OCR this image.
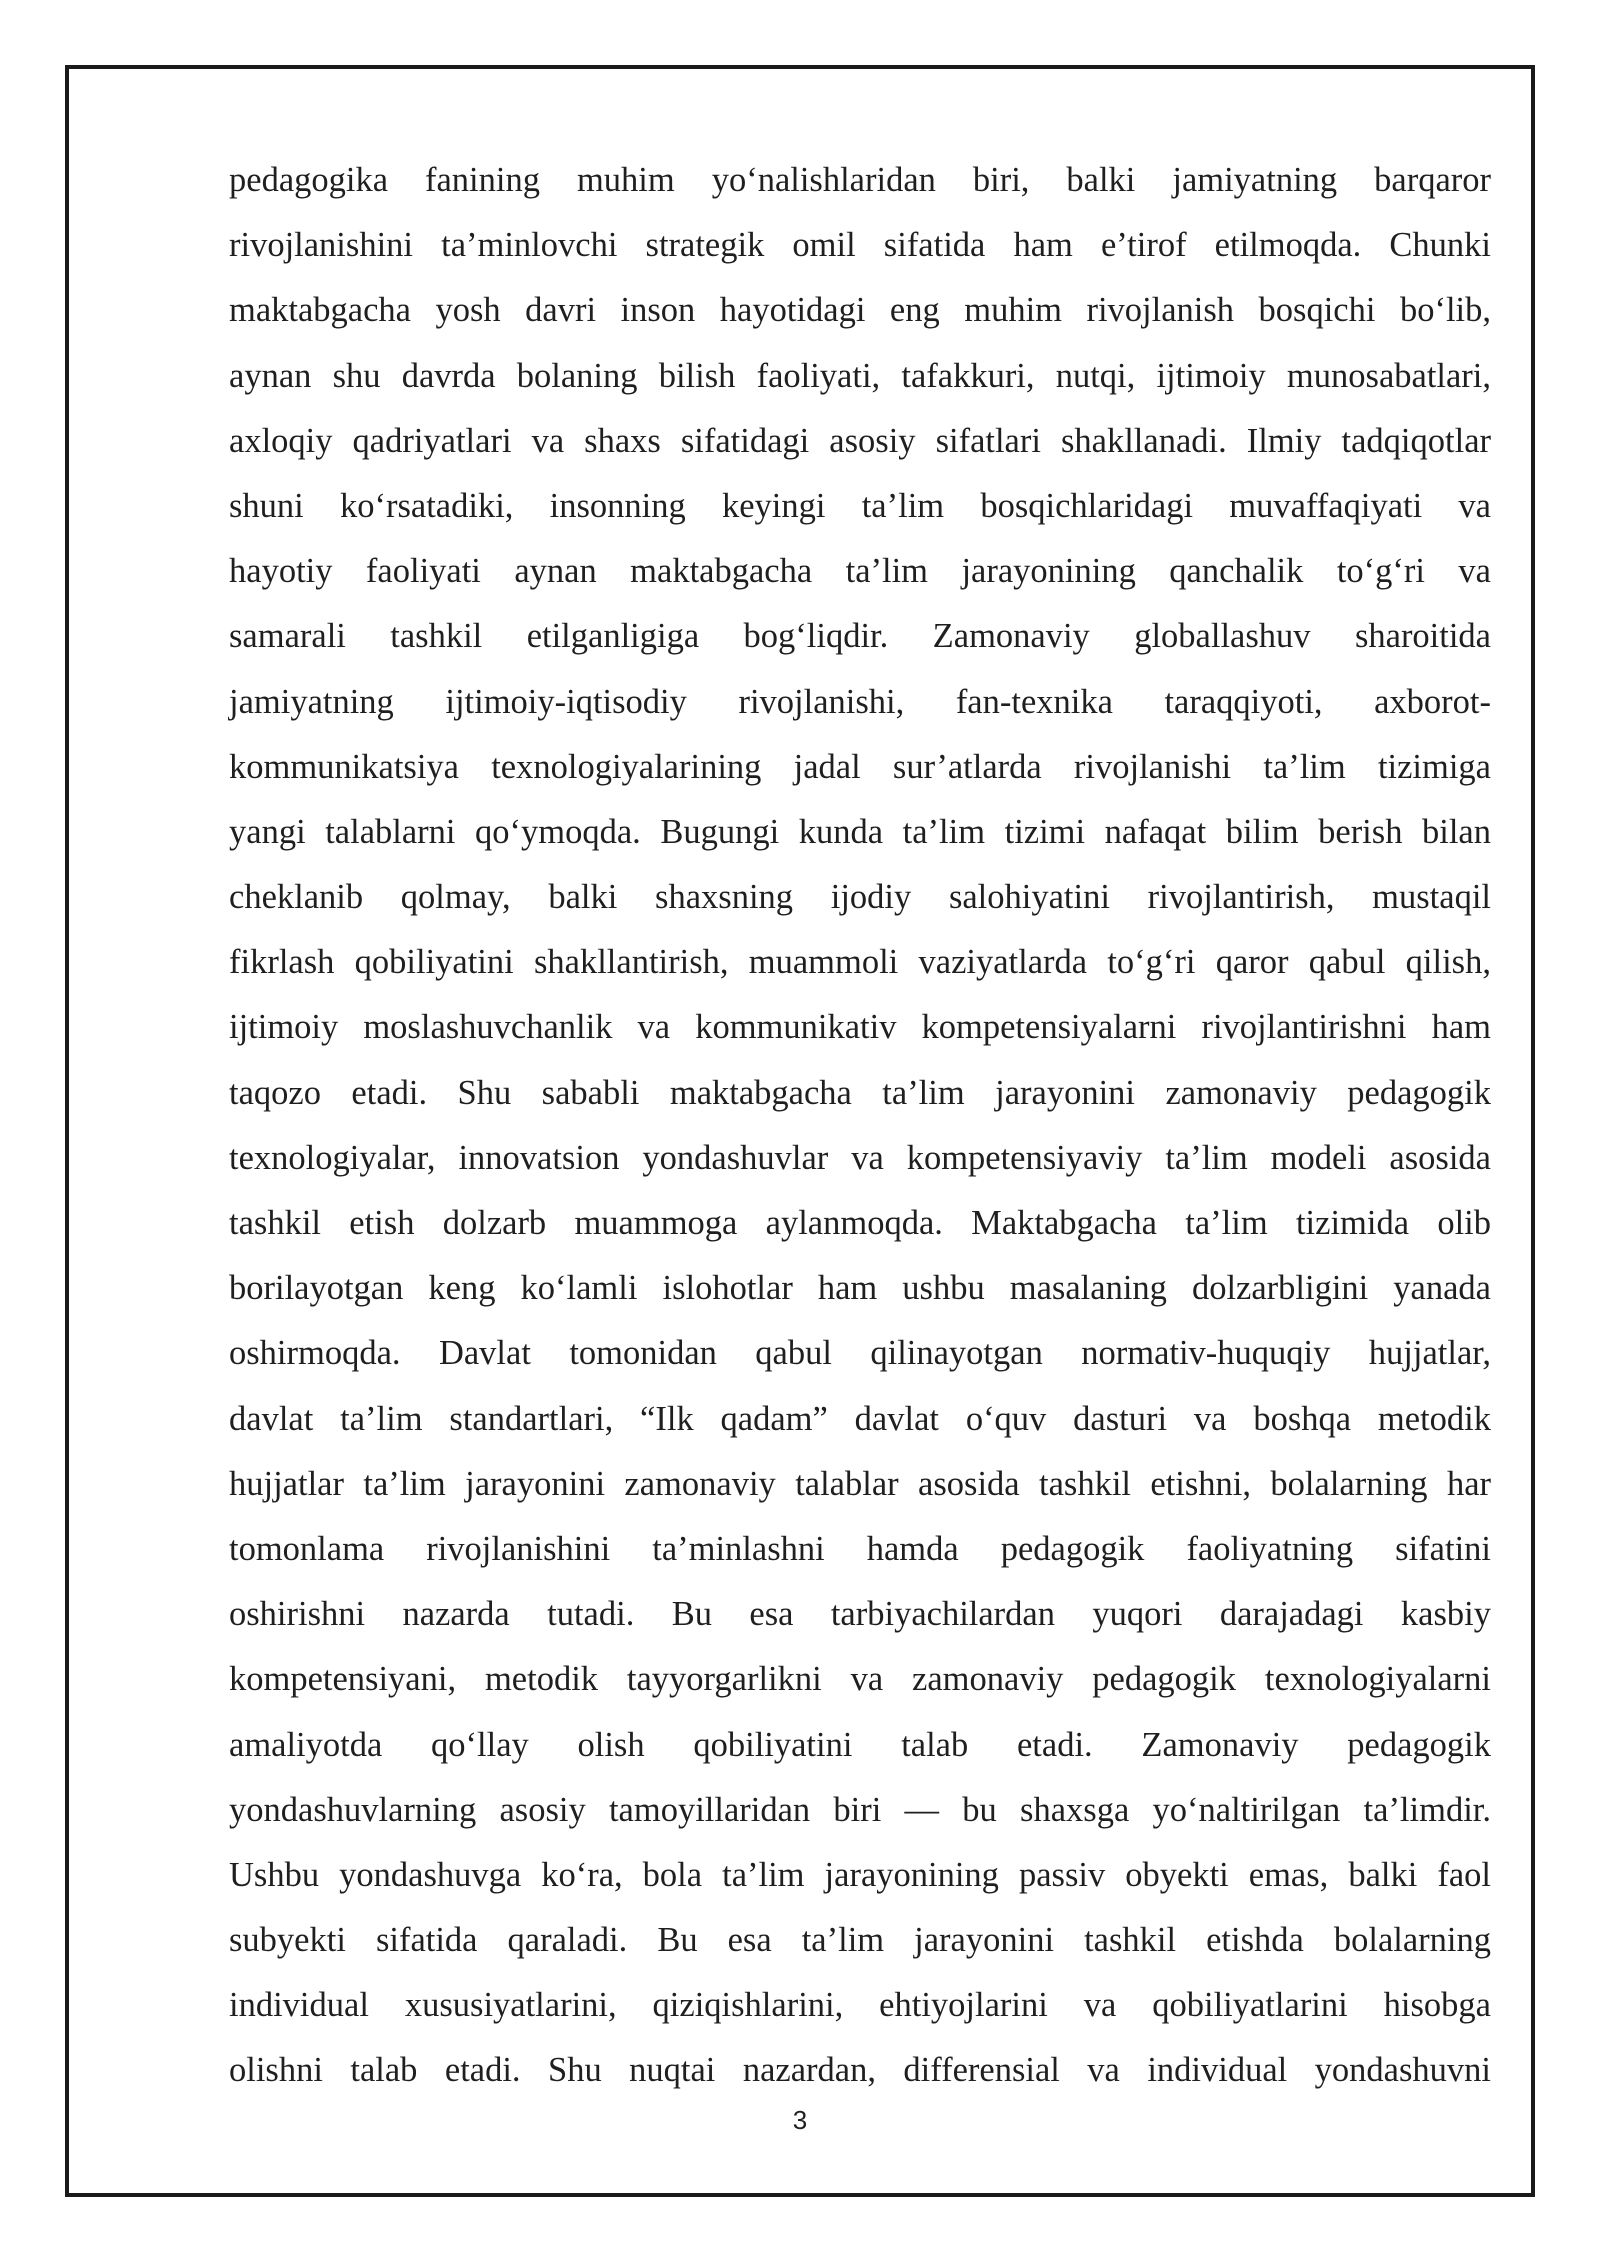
pedagogika fanining muhim yo‘nalishlaridan biri, balki jamiyatning barqaror
rivojlanishini ta’minlovchi strategik omil sifatida ham e’tirof etilmoqda. Chunki
maktabgacha yosh davri inson hayotidagi eng muhim rivojlanish bosqichi bo‘lib,
aynan shu davrda bolaning bilish faoliyati, tafakkuri, nutqi, ijtimoiy munosabatlari,
axloqiy qadriyatlari va shaxs sifatidagi asosiy sifatlari shakllanadi. Ilmiy tadqiqotlar
shuni ko‘rsatadiki, insonning keyingi ta’lim bosqichlaridagi muvaffaqiyati va
hayotiy faoliyati aynan maktabgacha ta’lim jarayonining qanchalik to‘g‘ri va
samarali tashkil etilganligiga bog‘liqdir. Zamonaviy globallashuv sharoitida
jamiyatning ijtimoiy-iqtisodiy rivojlanishi, fan-texnika taraqqiyoti, axborot-
kommunikatsiya texnologiyalarining jadal sur’atlarda rivojlanishi ta’lim tizimiga
yangi talablarni qo‘ymoqda. Bugungi kunda ta’lim tizimi nafaqat bilim berish bilan
cheklanib qolmay, balki shaxsning ijodiy salohiyatini rivojlantirish, mustaqil
fikrlash qobiliyatini shakllantirish, muammoli vaziyatlarda to‘g‘ri qaror qabul qilish,
ijtimoiy moslashuvchanlik va kommunikativ kompetensiyalarni rivojlantirishni ham
taqozo etadi. Shu sababli maktabgacha ta’lim jarayonini zamonaviy pedagogik
texnologiyalar, innovatsion yondashuvlar va kompetensiyaviy ta’lim modeli asosida
tashkil etish dolzarb muammoga aylanmoqda. Maktabgacha ta’lim tizimida olib
borilayotgan keng ko‘lamli islohotlar ham ushbu masalaning dolzarbligini yanada
oshirmoqda. Davlat tomonidan qabul qilinayotgan normativ-huquqiy hujjatlar,
davlat ta’lim standartlari, “Ilk qadam” davlat o‘quv dasturi va boshqa metodik
hujjatlar ta’lim jarayonini zamonaviy talablar asosida tashkil etishni, bolalarning har
tomonlama rivojlanishini ta’minlashni hamda pedagogik faoliyatning sifatini
oshirishni nazarda tutadi. Bu esa tarbiyachilardan yuqori darajadagi kasbiy
kompetensiyani, metodik tayyorgarlikni va zamonaviy pedagogik texnologiyalarni
amaliyotda qo‘llay olish qobiliyatini talab etadi. Zamonaviy pedagogik
yondashuvlarning asosiy tamoyillaridan biri — bu shaxsga yo‘naltirilgan ta’limdir.
Ushbu yondashuvga ko‘ra, bola ta’lim jarayonining passiv obyekti emas, balki faol
subyekti sifatida qaraladi. Bu esa ta’lim jarayonini tashkil etishda bolalarning
individual xususiyatlarini, qiziqishlarini, ehtiyojlarini va qobiliyatlarini hisobga
olishni talab etadi. Shu nuqtai nazardan, differensial va individual yondashuvni
3
